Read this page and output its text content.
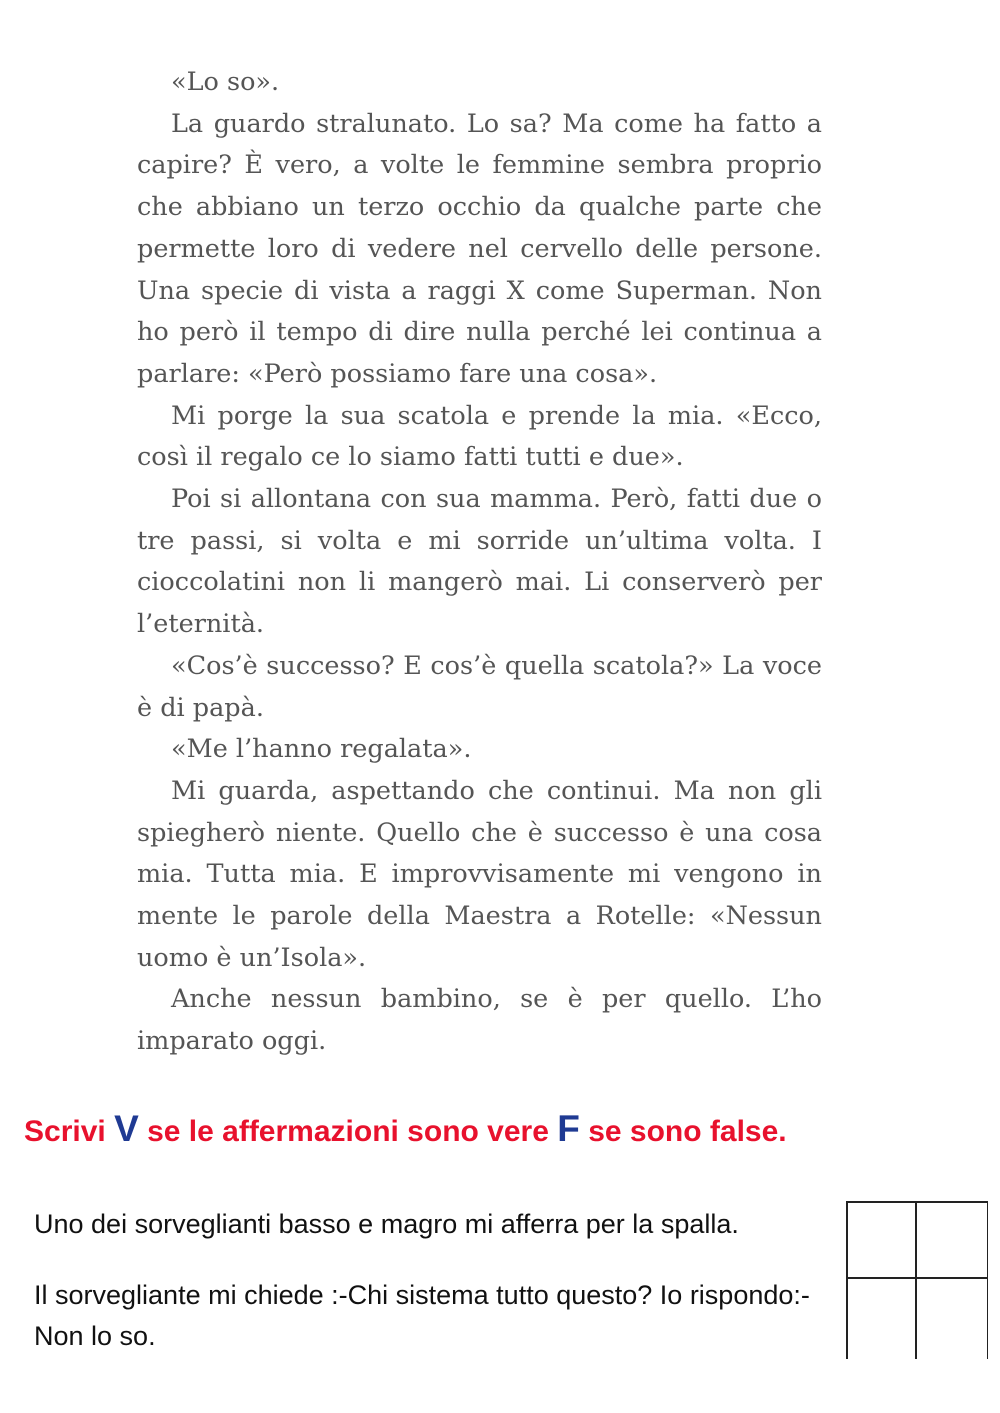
«Lo so».

La guardo stralunato. Lo sa? Ma come ha fatto a capire? È vero, a volte le femmine sembra proprio che abbiano un terzo occhio da qualche parte che permette loro di vedere nel cervello delle persone. Una specie di vista a raggi X come Superman. Non ho però il tempo di dire nulla perché lei continua a parlare: «Però possiamo fare una cosa».

Mi porge la sua scatola e prende la mia. «Ecco, così il regalo ce lo siamo fatti tutti e due».

Poi si allontana con sua mamma. Però, fatti due o tre passi, si volta e mi sorride un’ultima volta. I cioccolatini non li mangerò mai. Li conserverò per l’eternità.

«Cos’è successo? E cos’è quella scatola?» La voce è di papà.

«Me l’hanno regalata».

Mi guarda, aspettando che continui. Ma non gli spiegherò niente. Quello che è successo è una cosa mia. Tutta mia. E improvvisamente mi vengono in mente le parole della Maestra a Rotelle: «Nessun uomo è un’Isola».

Anche nessun bambino, se è per quello. L’ho imparato oggi.

Scrivi V se le affermazioni sono vere F se sono false.

Uno dei sorveglianti basso e magro mi afferra per la spalla.

Il sorvegliante mi chiede :-Chi sistema tutto questo? Io rispondo:-Non lo so.
